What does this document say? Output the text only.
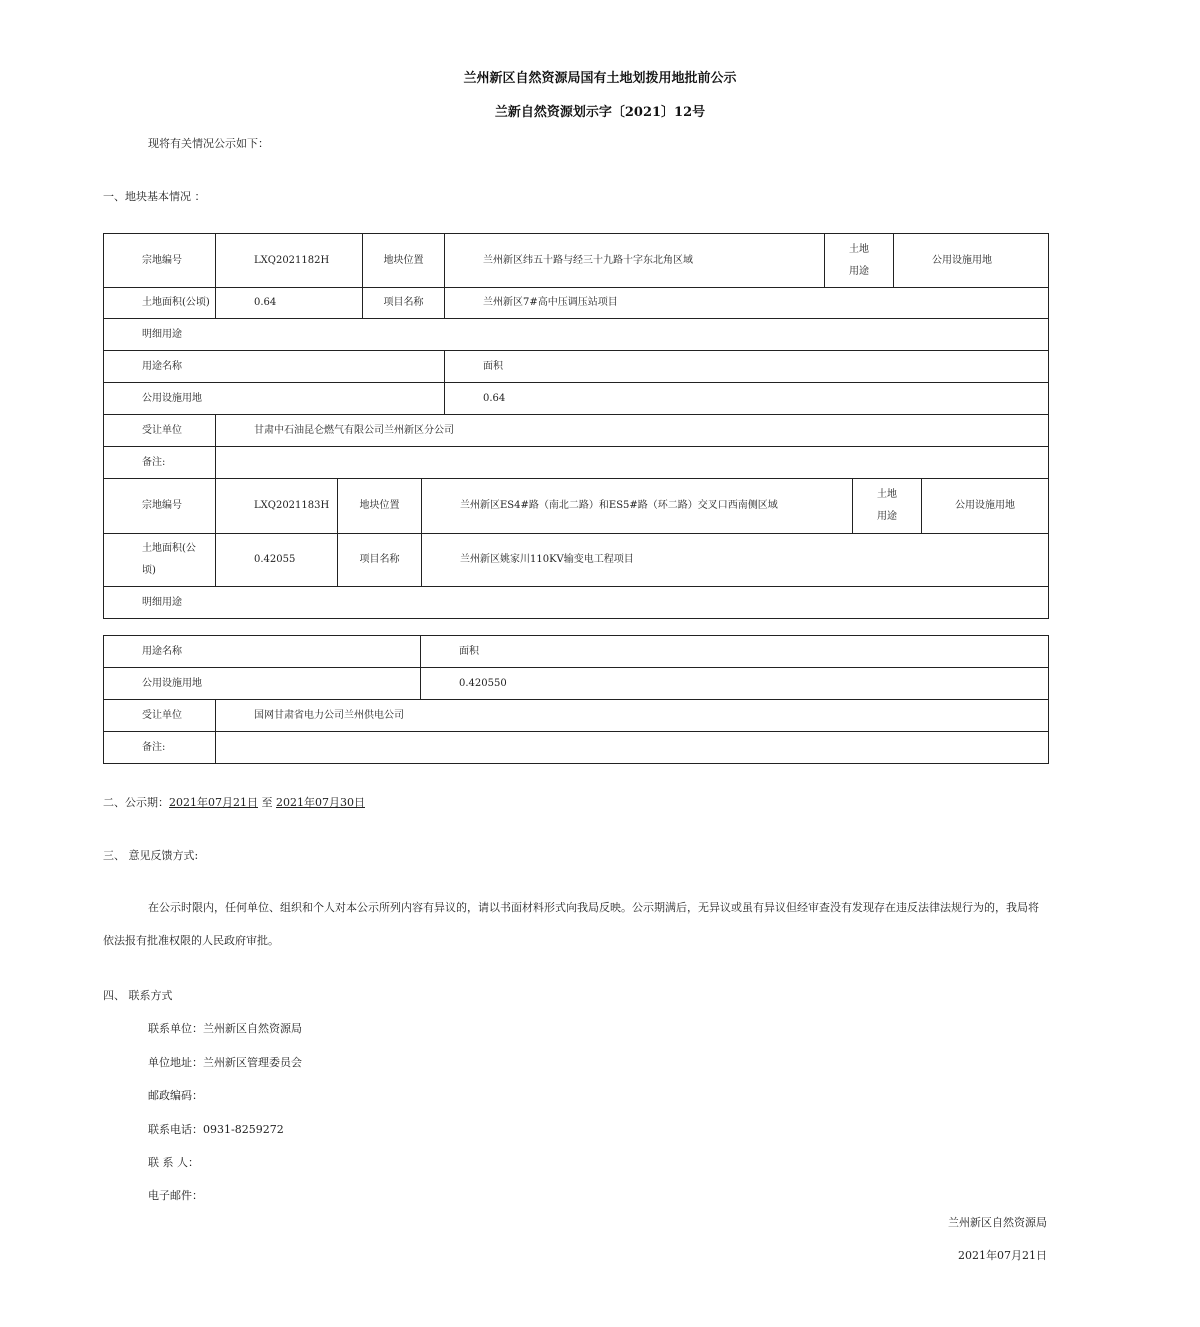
兰州新区自然资源局国有土地划拨用地批前公示
兰新自然资源划示字〔2021〕12号
现将有关情况公示如下：
一、地块基本情况 ：
宗地编号	LXQ2021182H	地块位置	兰州新区纬五十路与经三十九路十字东北角区域	土地
用途	公用设施用地
土地面积(公顷)	0.64	项目名称	兰州新区7#高中压调压站项目		
明细用途					
用途名称			面积		
公用设施用地			0.64		
受让单位	甘肃中石油昆仑燃气有限公司兰州新区分公司				
备注:					
宗地编号	LXQ2021183H	地块位置	兰州新区ES4#路（南北二路）和ES5#路（环二路）交叉口西南侧区域	土地
用途	公用设施用地
土地面积(公顷)	0.42055	项目名称	兰州新区姚家川110KV输变电工程项目		
明细用途					
用途名称		面积
公用设施用地		0.420550
受让单位	国网甘肃省电力公司兰州供电公司	
备注:		
二、公示期：2021年07月21日 至 2021年07月30日
三、 意见反馈方式:
在公示时限内，任何单位、组织和个人对本公示所列内容有异议的，请以书面材料形式向我局反映。公示期满后，无异议或虽有异议但经审查没有发现存在违反法律法规行为的，我局将依法报有批准权限的人民政府审批。
四、 联系方式
联系单位：兰州新区自然资源局
单位地址：兰州新区管理委员会
邮政编码：
联系电话：0931-8259272
联 系 人：
电子邮件：
兰州新区自然资源局
2021年07月21日
